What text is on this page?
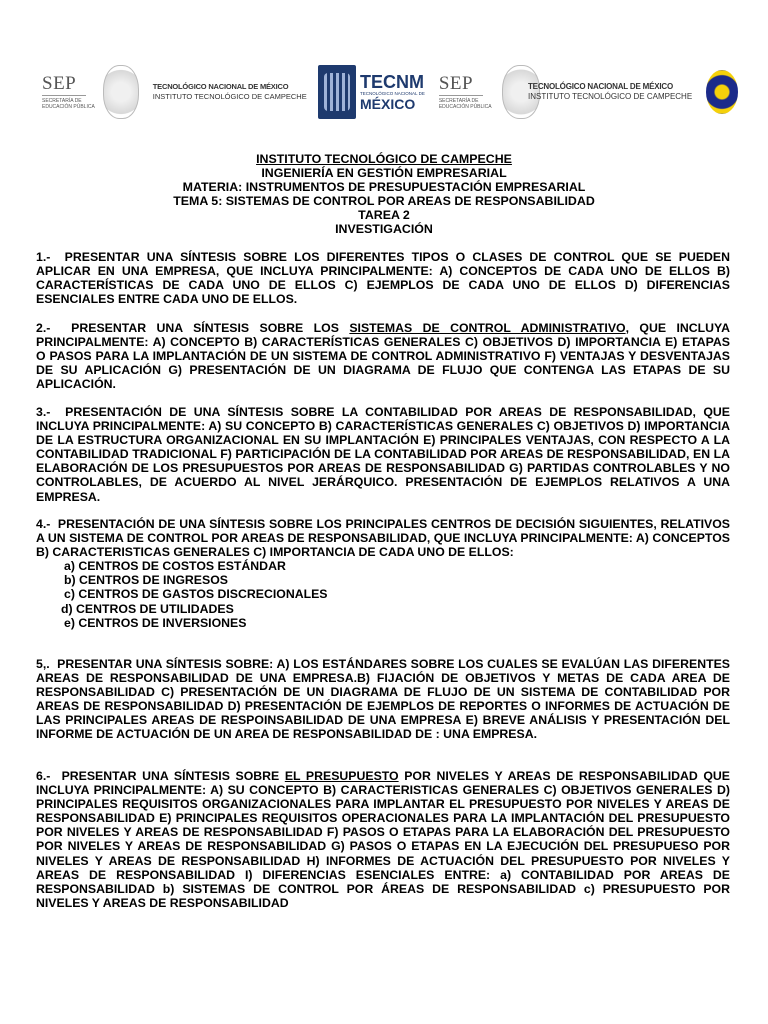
SEP
SECRETARÍA DE
EDUCACIÓN PÚBLICA
TECNOLÓGICO NACIONAL DE MÉXICO
INSTITUTO TECNOLÓGICO DE CAMPECHE
TECNM
TECNOLÓGICO NACIONAL DE
MÉXICO
SEP
SECRETARÍA DE
EDUCACIÓN PÚBLICA
TECNOLÓGICO NACIONAL DE MÉXICO
INSTITUTO TECNOLÓGICO DE CAMPECHE
INSTITUTO TECNOLÓGICO DE CAMPECHE
INGENIERÍA EN GESTIÓN EMPRESARIAL
MATERIA: INSTRUMENTOS DE PRESUPUESTACIÓN EMPRESARIAL
TEMA 5: SISTEMAS DE CONTROL POR AREAS DE RESPONSABILIDAD
TAREA 2
INVESTIGACIÓN
1.- PRESENTAR UNA SÍNTESIS SOBRE LOS DIFERENTES TIPOS O CLASES DE CONTROL QUE SE PUEDEN APLICAR EN UNA EMPRESA, QUE INCLUYA PRINCIPALMENTE: A) CONCEPTOS DE CADA UNO DE ELLOS B) CARACTERÍSTICAS DE CADA UNO DE ELLOS C) EJEMPLOS DE CADA UNO DE ELLOS D) DIFERENCIAS ESENCIALES ENTRE CADA UNO DE ELLOS.
2.- PRESENTAR UNA SÍNTESIS SOBRE LOS SISTEMAS DE CONTROL ADMINISTRATIVO, QUE INCLUYA PRINCIPALMENTE: A) CONCEPTO B) CARACTERÍSTICAS GENERALES C) OBJETIVOS D) IMPORTANCIA E) ETAPAS O PASOS PARA LA IMPLANTACIÓN DE UN SISTEMA DE CONTROL ADMINISTRATIVO F) VENTAJAS Y DESVENTAJAS DE SU APLICACIÓN G) PRESENTACIÓN DE UN DIAGRAMA DE FLUJO QUE CONTENGA LAS ETAPAS DE SU APLICACIÓN.
3.- PRESENTACIÓN DE UNA SÍNTESIS SOBRE LA CONTABILIDAD POR AREAS DE RESPONSABILIDAD, QUE INCLUYA PRINCIPALMENTE: A) SU CONCEPTO B) CARACTERÍSTICAS GENERALES C) OBJETIVOS D) IMPORTANCIA DE LA ESTRUCTURA ORGANIZACIONAL EN SU IMPLANTACIÓN E) PRINCIPALES VENTAJAS, CON RESPECTO A LA CONTABILIDAD TRADICIONAL F) PARTICIPACIÓN DE LA CONTABILIDAD POR AREAS DE RESPONSABILIDAD, EN LA ELABORACIÓN DE LOS PRESUPUESTOS POR AREAS DE RESPONSABILIDAD G) PARTIDAS CONTROLABLES Y NO CONTROLABLES, DE ACUERDO AL NIVEL JERÁRQUICO. PRESENTACIÓN DE EJEMPLOS RELATIVOS A UNA EMPRESA.
4.- PRESENTACIÓN DE UNA SÍNTESIS SOBRE LOS PRINCIPALES CENTROS DE DECISIÓN SIGUIENTES, RELATIVOS A UN SISTEMA DE CONTROL POR AREAS DE RESPONSABILIDAD, QUE INCLUYA PRINCIPALMENTE: A) CONCEPTOS B) CARACTERISTICAS GENERALES C) IMPORTANCIA DE CADA UNO DE ELLOS:
a) CENTROS DE COSTOS ESTÁNDAR
b) CENTROS DE INGRESOS
c) CENTROS DE GASTOS DISCRECIONALES
d) CENTROS DE UTILIDADES
e) CENTROS DE INVERSIONES
5,. PRESENTAR UNA SÍNTESIS SOBRE: A) LOS ESTÁNDARES SOBRE LOS CUALES SE EVALÚAN LAS DIFERENTES AREAS DE RESPONSABILIDAD DE UNA EMPRESA.B) FIJACIÓN DE OBJETIVOS Y METAS DE CADA AREA DE RESPONSABILIDAD C) PRESENTACIÓN DE UN DIAGRAMA DE FLUJO DE UN SISTEMA DE CONTABILIDAD POR AREAS DE RESPONSABILIDAD D) PRESENTACIÓN DE EJEMPLOS DE REPORTES O INFORMES DE ACTUACIÓN DE LAS PRINCIPALES AREAS DE RESPOINSABILIDAD DE UNA EMPRESA E) BREVE ANÁLISIS Y PRESENTACIÓN DEL INFORME DE ACTUACIÓN DE UN AREA DE RESPONSABILIDAD DE : UNA EMPRESA.
6.- PRESENTAR UNA SÍNTESIS SOBRE EL PRESUPUESTO POR NIVELES Y AREAS DE RESPONSABILIDAD QUE INCLUYA PRINCIPALMENTE: A) SU CONCEPTO B) CARACTERISTICAS GENERALES C) OBJETIVOS GENERALES D) PRINCIPALES REQUISITOS ORGANIZACIONALES PARA IMPLANTAR EL PRESUPUESTO POR NIVELES Y AREAS DE RESPONSABILIDAD E) PRINCIPALES REQUISITOS OPERACIONALES PARA LA IMPLANTACIÓN DEL PRESUPUESTO POR NIVELES Y AREAS DE RESPONSABILIDAD F) PASOS O ETAPAS PARA LA ELABORACIÓN DEL PRESUPUESTO POR NIVELES Y AREAS DE RESPONSABILIDAD G) PASOS O ETAPAS EN LA EJECUCIÓN DEL PRESUPUESO POR NIVELES Y AREAS DE RESPONSABILIDAD H) INFORMES DE ACTUACIÓN DEL PRESUPUESTO POR NIVELES Y AREAS DE RESPONSABILIDAD I) DIFERENCIAS ESENCIALES ENTRE: a) CONTABILIDAD POR AREAS DE RESPONSABILIDAD b) SISTEMAS DE CONTROL POR ÁREAS DE RESPONSABILIDAD c) PRESUPUESTO POR NIVELES Y AREAS DE RESPONSABILIDAD
